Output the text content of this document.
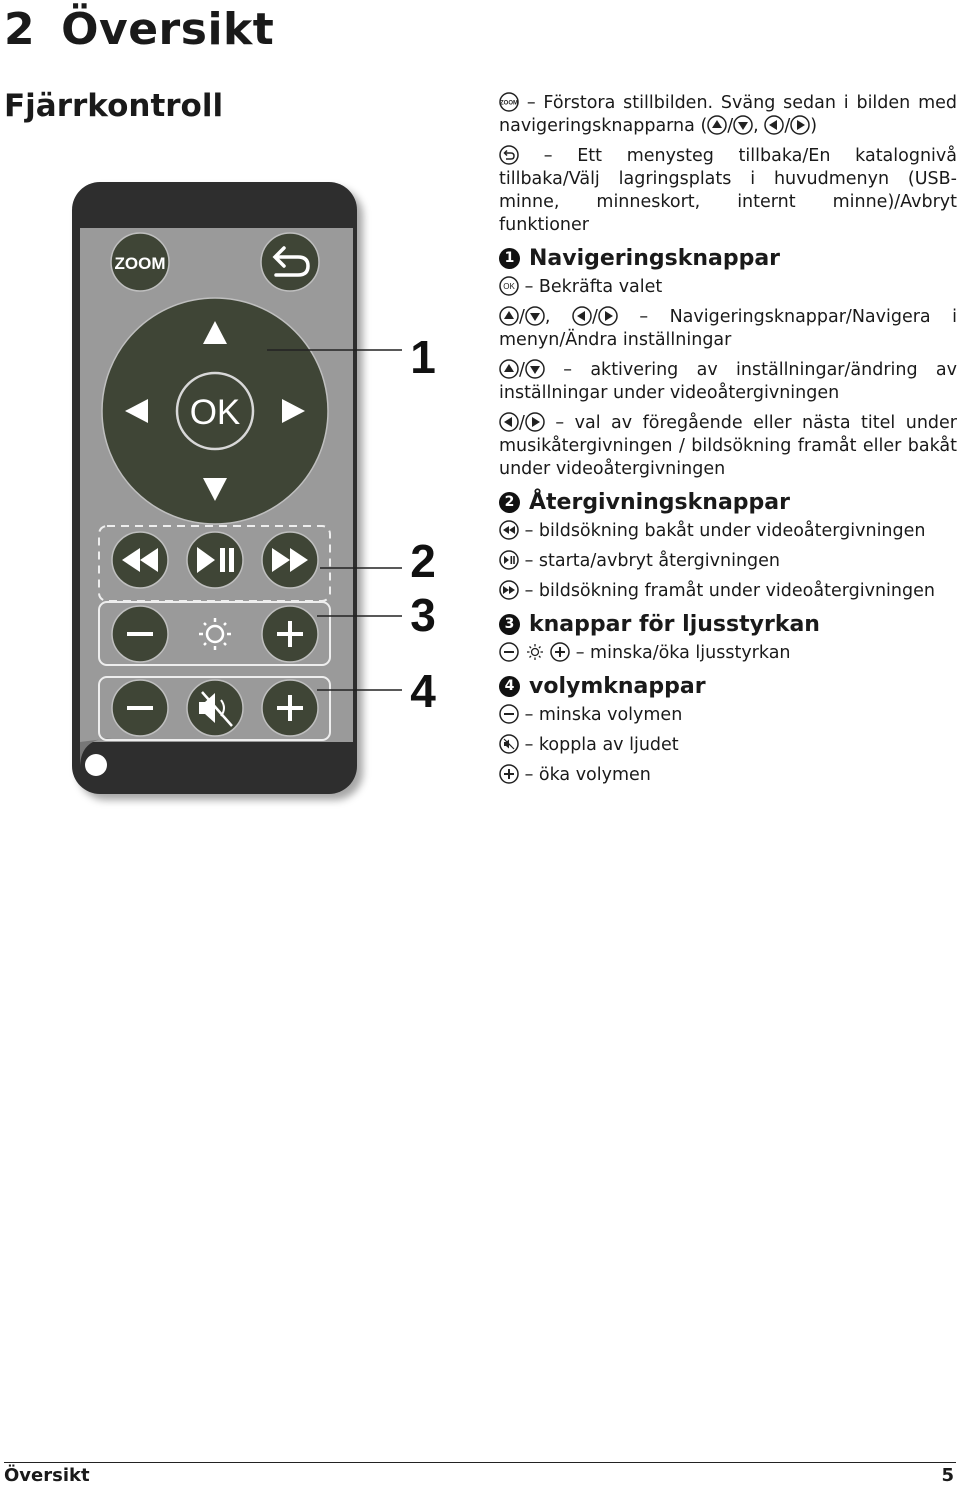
2 Översikt
Fjärrkontroll
ZOOM
OK
1
2
3
4
ZOOM – Förstora stillbilden. Sväng sedan i bilden med navigeringsknapparna ( / ,
/ )
– Ett menysteg tillbaka/En katalognivå tillbaka/Välj lagringsplats i huvudmenyn (USB-minne, minneskort, internt minne)/Avbryt funktioner
1 Navigeringsknappar
OK – Bekräfta valet
/ ,
/
– Navigeringsknappar/Navigera i menyn/Ändra inställningar
/
– aktivering av inställningar/ändring av inställningar under videoåtergivningen
/
– val av föregående eller nästa titel under musikåtergivningen / bildsökning framåt eller bakåt under videoåtergivningen
2 Återgivningsknappar
– bildsökning bakåt under videoåtergivningen
– starta/avbryt återgivningen
– bildsökning framåt under videoåtergivningen
3 knappar för ljusstyrkan

– minska/öka ljusstyrkan
4 volymknappar
– minska volymen
– koppla av ljudet
– öka volymen
Översikt	5
